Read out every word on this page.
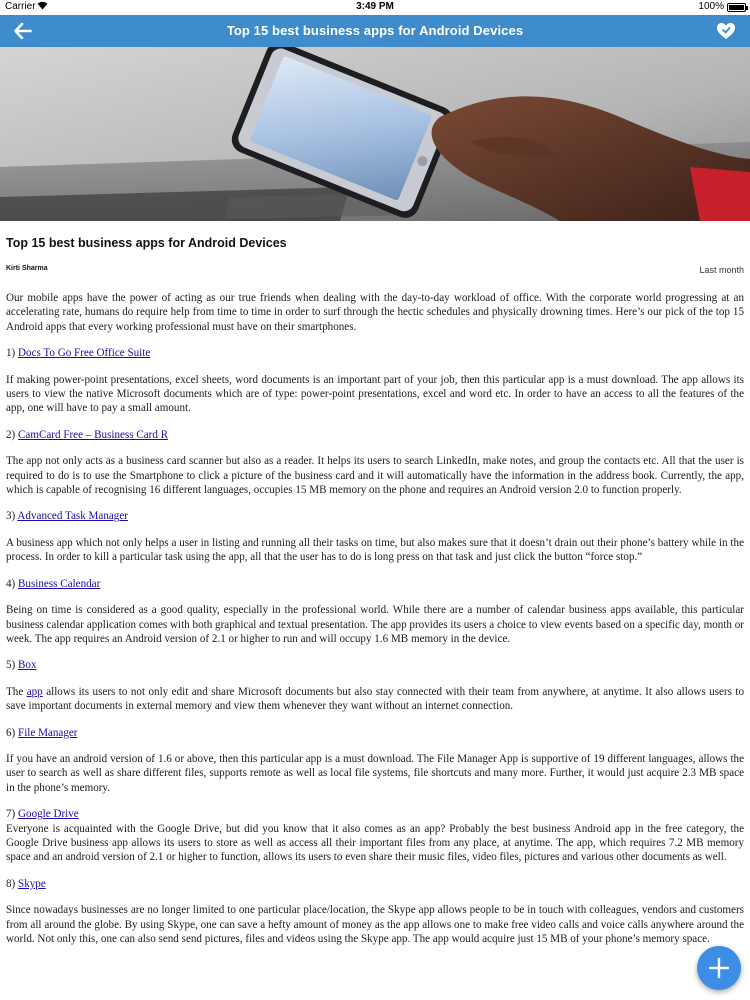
Carrier	3:49 PM	100%
Top 15 best business apps for Android Devices
Top 15 best business apps for Android Devices
Kirti Sharma	Last month

Our mobile apps have the power of acting as our true friends when dealing with the day-to-day workload of office. With the corporate world progressing at an accelerating rate, humans do require help from time to time in order to surf through the hectic schedules and physically drowning times. Here’s our pick of the top 15 Android apps that every working professional must have on their smartphones.

1) Docs To Go Free Office Suite

If making power-point presentations, excel sheets, word documents is an important part of your job, then this particular app is a must download. The app allows its users to view the native Microsoft documents which are of type: power-point presentations, excel and word etc. In order to have an access to all the features of the app, one will have to pay a small amount.

2) CamCard Free – Business Card R

The app not only acts as a business card scanner but also as a reader. It helps its users to search LinkedIn, make notes, and group the contacts etc. All that the user is required to do is to use the Smartphone to click a picture of the business card and it will automatically have the information in the address book. Currently, the app, which is capable of recognising 16 different languages, occupies 15 MB memory on the phone and requires an Android version 2.0 to function properly.

3) Advanced Task Manager

A business app which not only helps a user in listing and running all their tasks on time, but also makes sure that it doesn’t drain out their phone’s battery while in the process. In order to kill a particular task using the app, all that the user has to do is long press on that task and just click the button “force stop.”

4) Business Calendar

Being on time is considered as a good quality, especially in the professional world. While there are a number of calendar business apps available, this particular business calendar application comes with both graphical and textual presentation. The app provides its users a choice to view events based on a specific day, month or week. The app requires an Android version of 2.1 or higher to run and will occupy 1.6 MB memory in the device.

5) Box

The app allows its users to not only edit and share Microsoft documents but also stay connected with their team from anywhere, at anytime. It also allows users to save important documents in external memory and view them whenever they want without an internet connection.

6) File Manager

If you have an android version of 1.6 or above, then this particular app is a must download. The File Manager App is supportive of 19 different languages, allows the user to search as well as share different files, supports remote as well as local file systems, file shortcuts and many more. Further, it would just acquire 2.3 MB space in the phone’s memory.

7) Google Drive

Everyone is acquainted with the Google Drive, but did you know that it also comes as an app? Probably the best business Android app in the free category, the Google Drive business app allows its users to store as well as access all their important files from any place, at anytime. The app, which requires 7.2 MB memory space and an android version of 2.1 or higher to function, allows its users to even share their music files, video files, pictures and various other documents as well.

8) Skype

Since nowadays businesses are no longer limited to one particular place/location, the Skype app allows people to be in touch with colleagues, vendors and customers from all around the globe. By using Skype, one can save a hefty amount of money as the app allows one to make free video calls and voice calls anywhere around the world. Not only this, one can also send send pictures, files and videos using the Skype app. The app would acquire just 15 MB of your phone’s memory space.
